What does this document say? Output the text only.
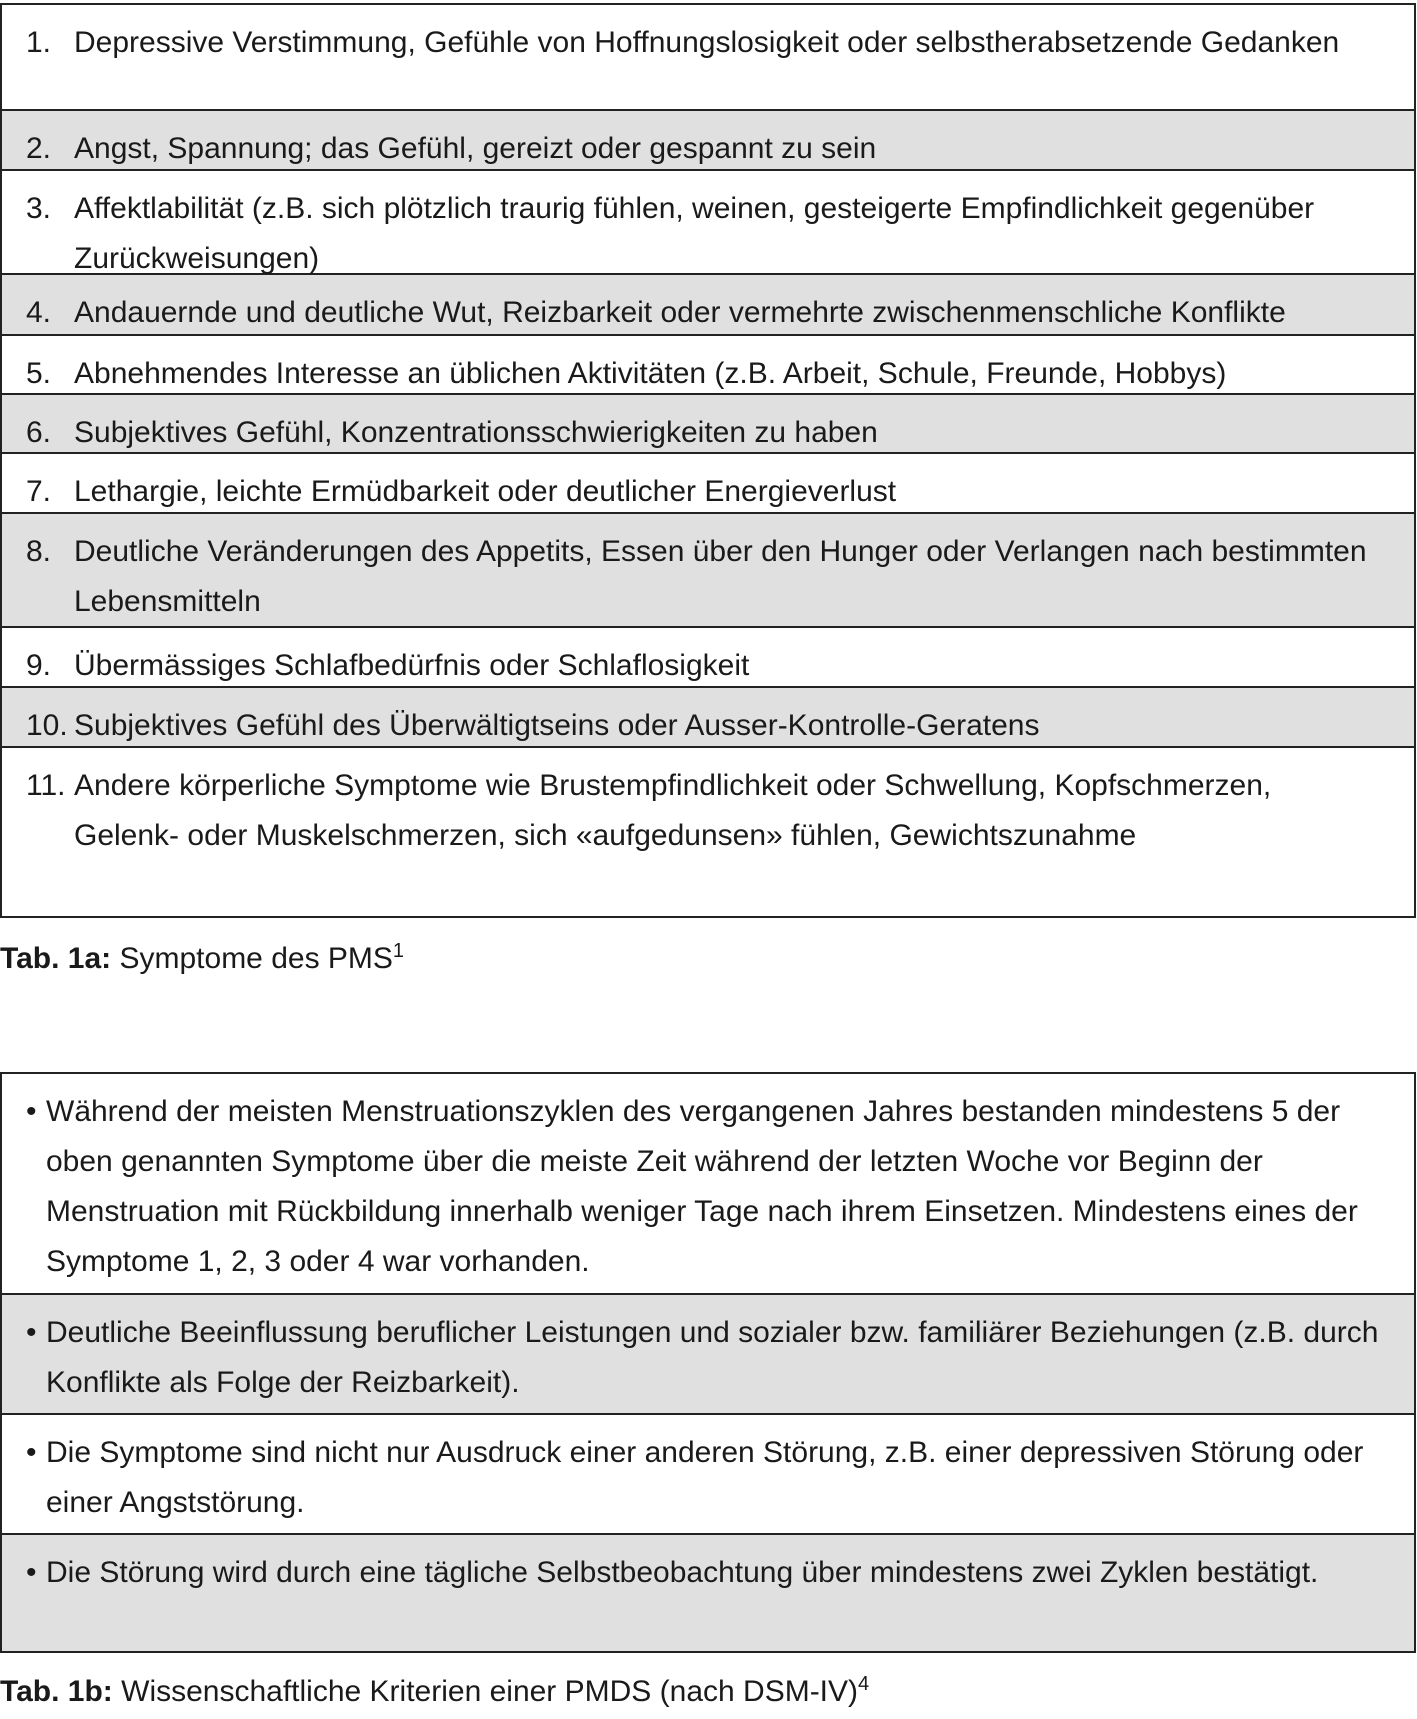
1. Depressive Verstimmung, Gefühle von Hoffnungslosigkeit oder selbstherabsetzende Gedanken
2. Angst, Spannung; das Gefühl, gereizt oder gespannt zu sein
3. Affektlabilität (z.B. sich plötzlich traurig fühlen, weinen, gesteigerte Empfindlichkeit gegenüber Zurückweisungen)
4. Andauernde und deutliche Wut, Reizbarkeit oder vermehrte zwischenmenschliche Konflikte
5. Abnehmendes Interesse an üblichen Aktivitäten (z.B. Arbeit, Schule, Freunde, Hobbys)
6. Subjektives Gefühl, Konzentrationsschwierigkeiten zu haben
7. Lethargie, leichte Ermüdbarkeit oder deutlicher Energieverlust
8. Deutliche Veränderungen des Appetits, Essen über den Hunger oder Verlangen nach bestimmten Lebensmitteln
9. Übermässiges Schlafbedürfnis oder Schlaflosigkeit
10. Subjektives Gefühl des Überwältigtseins oder Ausser-Kontrolle-Geratens
11. Andere körperliche Symptome wie Brustempfindlichkeit oder Schwellung, Kopfschmerzen, Gelenk- oder Muskelschmerzen, sich «aufgedunsen» fühlen, Gewichtszunahme
Tab. 1a: Symptome des PMS$^1$
• Während der meisten Menstruationszyklen des vergangenen Jahres bestanden mindestens 5 der oben genannten Symptome über die meiste Zeit während der letzten Woche vor Beginn der Menstruation mit Rückbildung innerhalb weniger Tage nach ihrem Einsetzen. Mindestens eines der Symptome 1, 2, 3 oder 4 war vorhanden.
• Deutliche Beeinflussung beruflicher Leistungen und sozialer bzw. familiärer Beziehungen (z.B. durch Konflikte als Folge der Reizbarkeit).
• Die Symptome sind nicht nur Ausdruck einer anderen Störung, z.B. einer depressiven Störung oder einer Angststörung.
• Die Störung wird durch eine tägliche Selbstbeobachtung über mindestens zwei Zyklen bestätigt.
Tab. 1b: Wissenschaftliche Kriterien einer PMDS (nach DSM-IV)$^4$
